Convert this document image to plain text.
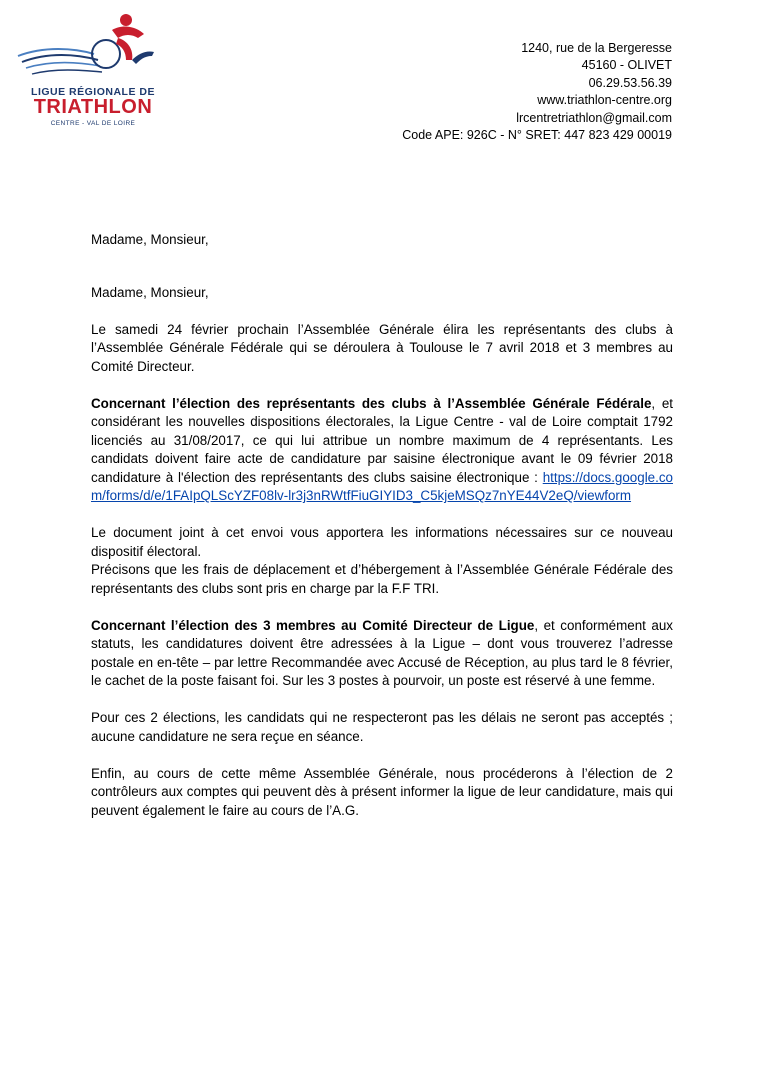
LIGUE RÉGIONALE DE
TRIATHLON
CENTRE - VAL DE LOIRE
1240, rue de la Bergeresse
45160 - OLIVET
06.29.53.56.39
www.triathlon-centre.org
lrcentretriathlon@gmail.com
Code APE: 926C - N° SRET: 447 823 429 00019

Madame, Monsieur,

Madame, Monsieur,

Le samedi 24 février prochain l’Assemblée Générale élira les représentants des clubs à l’Assemblée Générale Fédérale qui se déroulera à Toulouse le 7 avril 2018 et 3 membres au Comité Directeur.

Concernant l’élection des représentants des clubs à l’Assemblée Générale Fédérale, et considérant les nouvelles dispositions électorales, la Ligue Centre - val de Loire comptait 1792 licenciés au 31/08/2017, ce qui lui attribue un nombre maximum de 4 représentants. Les candidats doivent faire acte de candidature par saisine électronique avant le 09 février 2018 candidature à l'élection des représentants des clubs saisine électronique : https://docs.google.com/forms/d/e/1FAIpQLScYZF08lv-lr3j3nRWtfFiuGIYID3_C5kjeMSQz7nYE44V2eQ/viewform

Le document joint à cet envoi vous apportera les informations nécessaires sur ce nouveau dispositif électoral.
Précisons que les frais de déplacement et d’hébergement à l’Assemblée Générale Fédérale des représentants des clubs sont pris en charge par la F.F TRI.

Concernant l’élection des 3 membres au Comité Directeur de Ligue, et conformément aux statuts, les candidatures doivent être adressées à la Ligue – dont vous trouverez l’adresse postale en en-tête – par lettre Recommandée avec Accusé de Réception, au plus tard le 8 février, le cachet de la poste faisant foi. Sur les 3 postes à pourvoir, un poste est réservé à une femme.

Pour ces 2 élections, les candidats qui ne respecteront pas les délais ne seront pas acceptés ; aucune candidature ne sera reçue en séance.

Enfin, au cours de cette même Assemblée Générale, nous procéderons à l’élection de 2 contrôleurs aux comptes qui peuvent dès à présent informer la ligue de leur candidature, mais qui peuvent également le faire au cours de l’A.G.
